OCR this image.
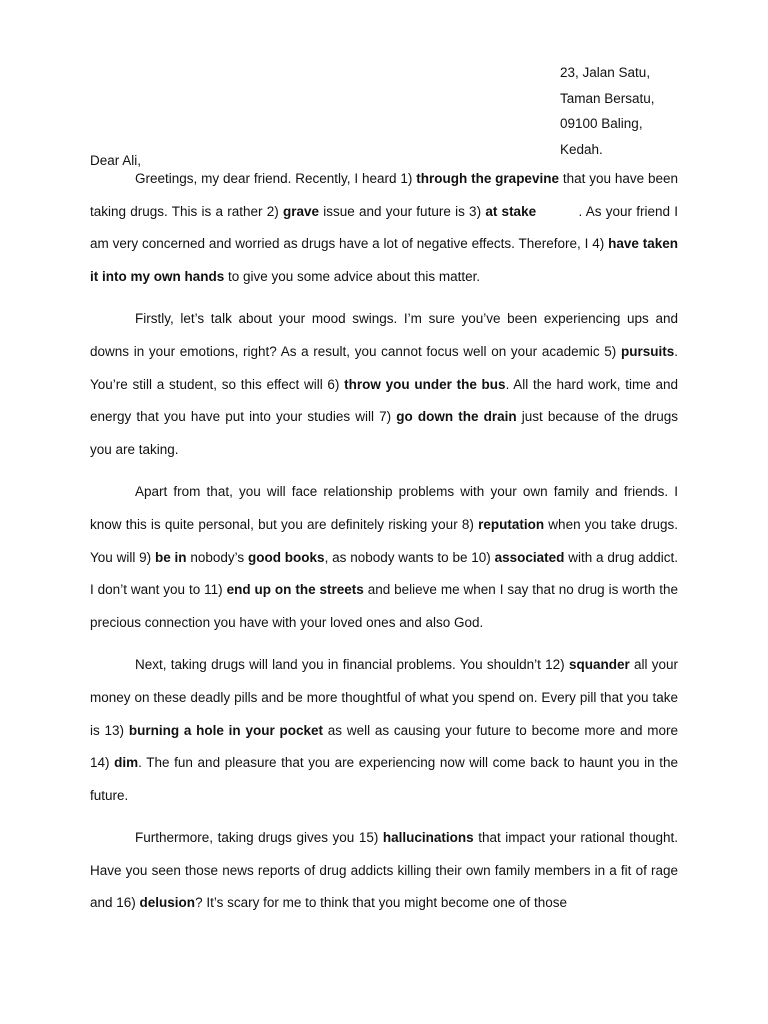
23, Jalan Satu,
Taman Bersatu,
09100 Baling,
Kedah.
Dear Ali,

Greetings, my dear friend. Recently, I heard 1) through the grapevine that you have been taking drugs. This is a rather 2) grave issue and your future is 3) at stake          . As your friend I am very concerned and worried as drugs have a lot of negative effects. Therefore, I 4) have taken it into my own hands to give you some advice about this matter.

Firstly, let’s talk about your mood swings. I’m sure you’ve been experiencing ups and downs in your emotions, right? As a result, you cannot focus well on your academic 5) pursuits. You’re still a student, so this effect will 6) throw you under the bus. All the hard work, time and energy that you have put into your studies will 7) go down the drain just because of the drugs you are taking.

Apart from that, you will face relationship problems with your own family and friends. I know this is quite personal, but you are definitely risking your 8) reputation when you take drugs. You will 9) be in nobody’s good books, as nobody wants to be 10) associated with a drug addict. I don’t want you to 11) end up on the streets and believe me when I say that no drug is worth the precious connection you have with your loved ones and also God.

Next, taking drugs will land you in financial problems. You shouldn’t 12) squander all your money on these deadly pills and be more thoughtful of what you spend on. Every pill that you take is 13) burning a hole in your pocket as well as causing your future to become more and more 14) dim. The fun and pleasure that you are experiencing now will come back to haunt you in the future.

Furthermore, taking drugs gives you 15) hallucinations that impact your rational thought. Have you seen those news reports of drug addicts killing their own family members in a fit of rage and 16) delusion? It’s scary for me to think that you might become one of those
